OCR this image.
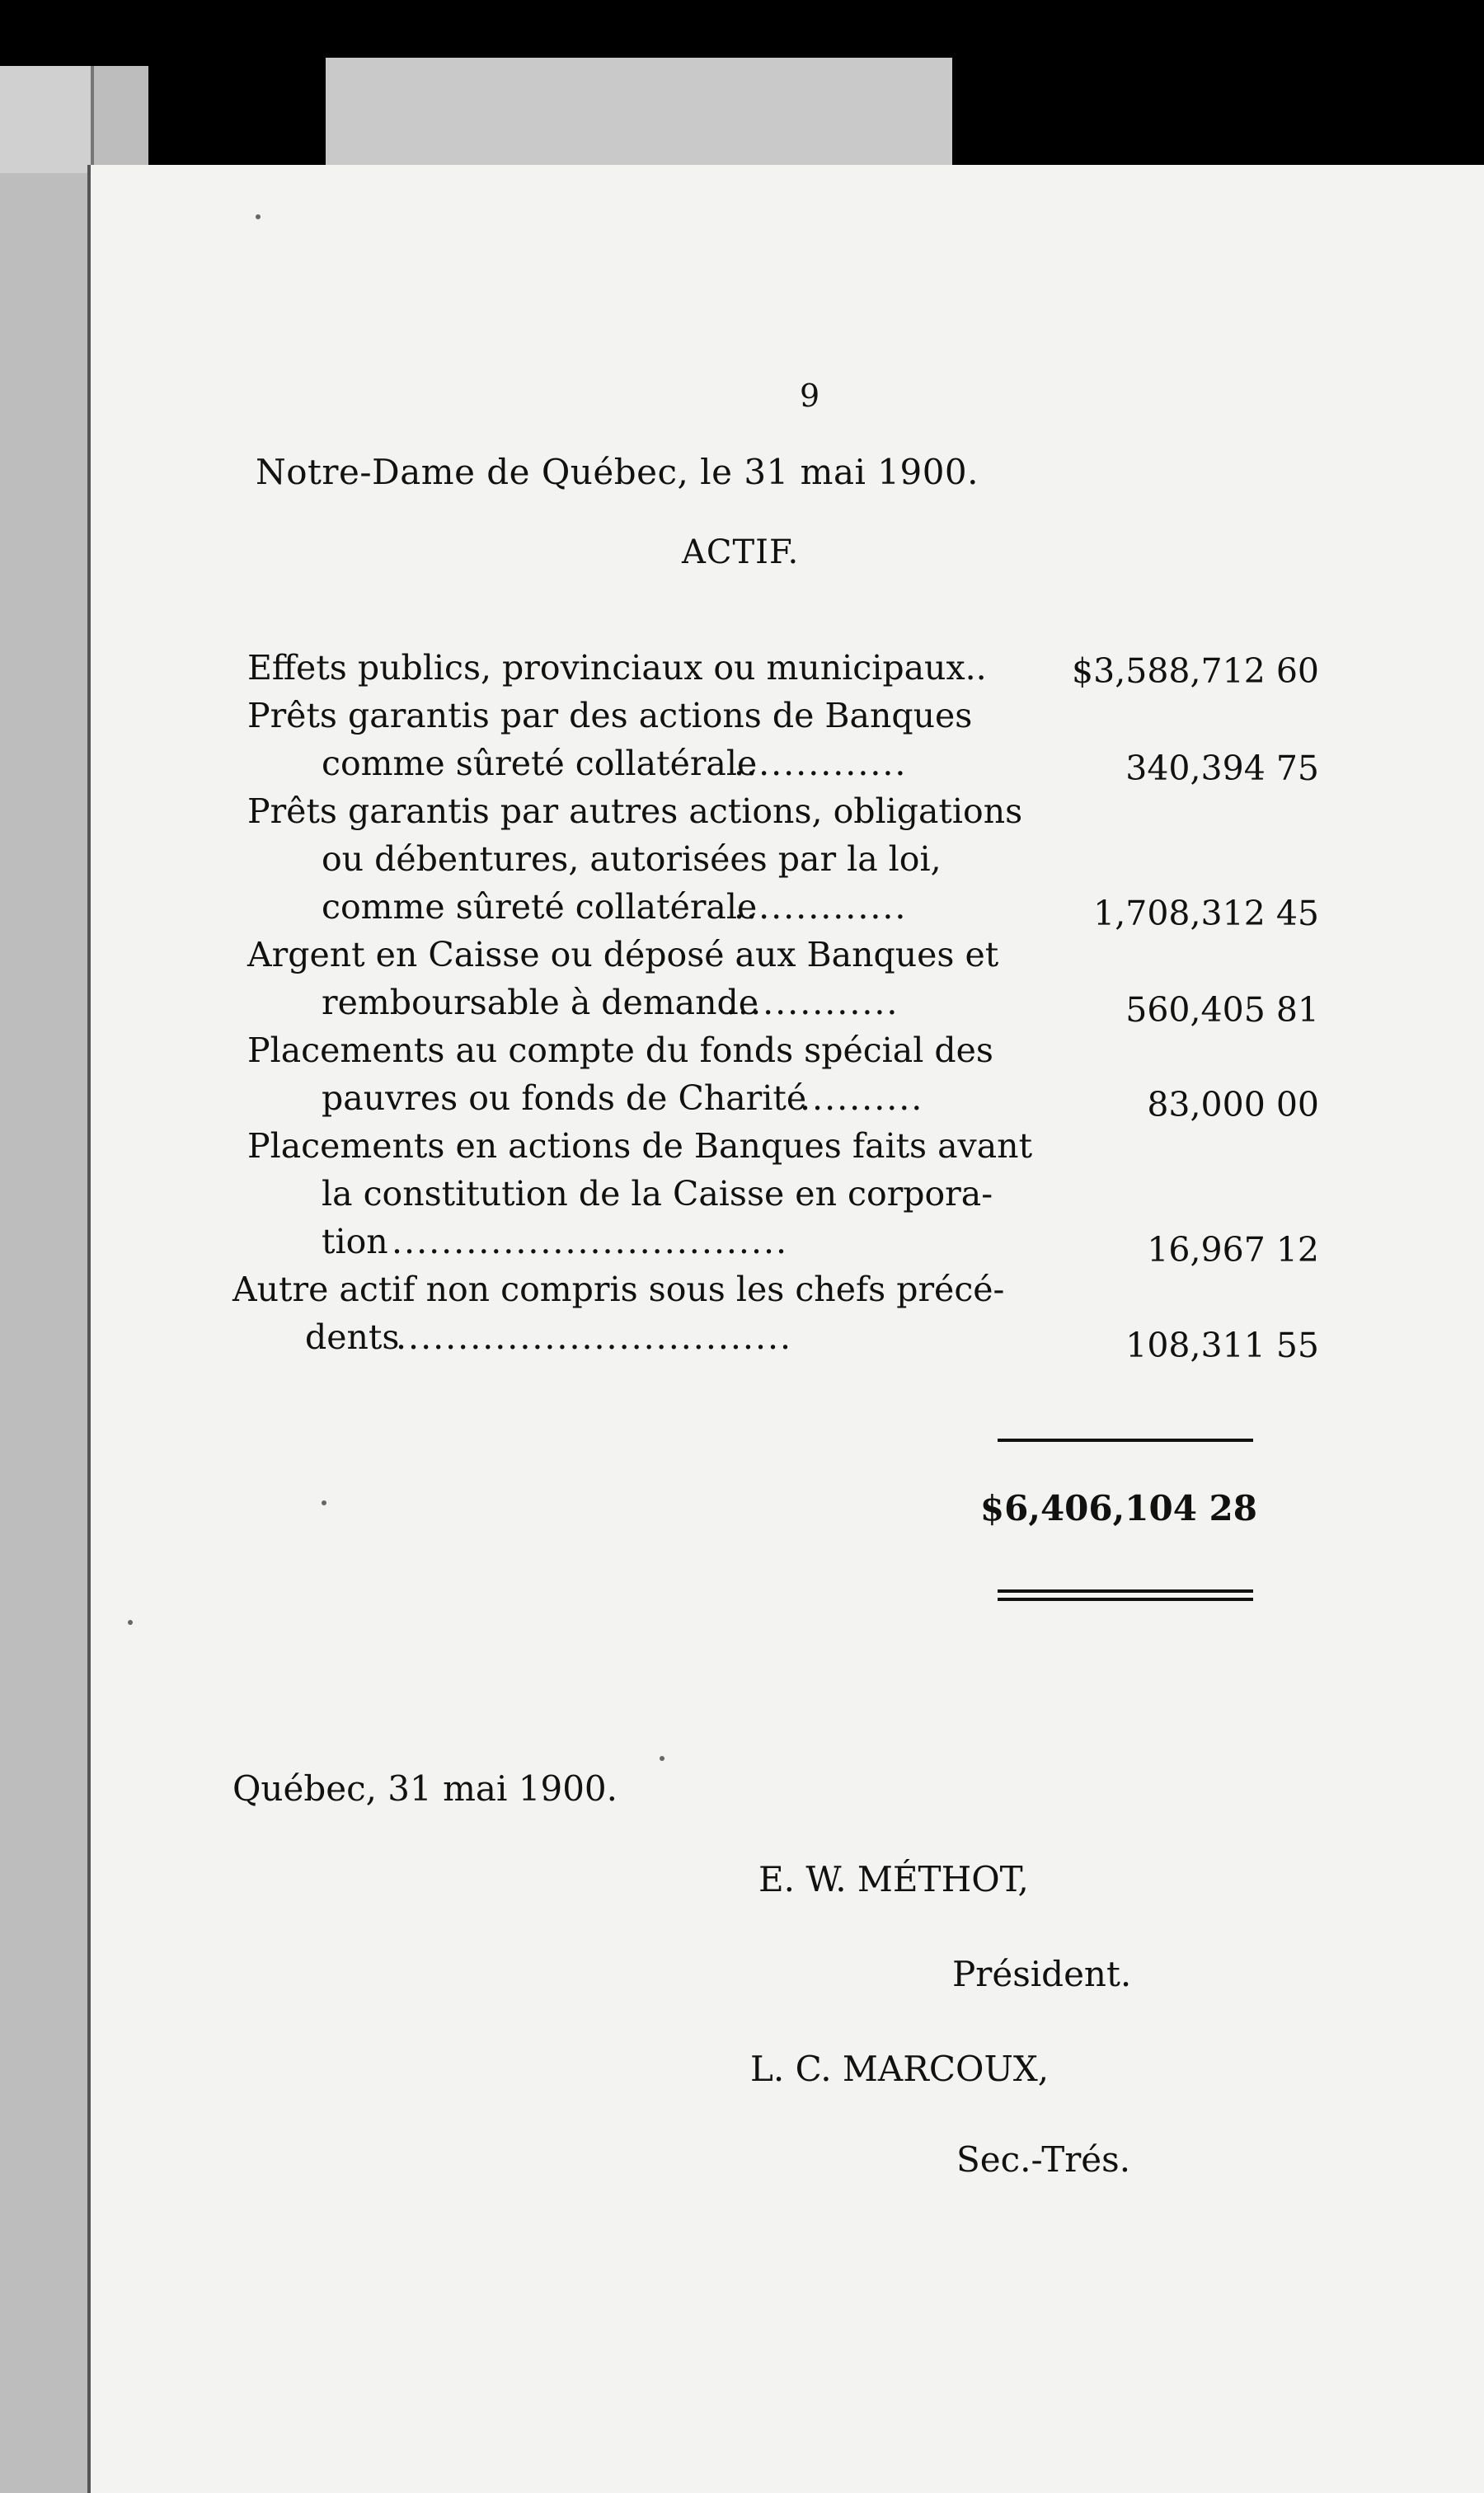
9
Notre-Dame de Québec, le 31 mai 1900.
ACTIF.
Effets publics, provinciaux ou municipaux..	$3,588,712 60
Prêts garantis par des actions de Banques
comme sûreté collatérale
..............	340,394 75
Prêts garantis par autres actions, obligations
ou débentures, autorisées par la loi,
comme sûreté collatérale
..............	1,708,312 45
Argent en Caisse ou déposé aux Banques et
remboursable à demande
..............	560,405 81
Placements au compte du fonds spécial des
pauvres ou fonds de Charité
..........	83,000 00
Placements en actions de Banques faits avant
la constitution de la Caisse en corpora-
tion ................................	16,967 12
Autre actif non compris sous les chefs précé-
dents
................................	108,311 55
$6,406,104 28
Québec, 31 mai 1900.
E. W. MÉTHOT,
Président.
L. C. MARCOUX,
Sec.-Trés.
